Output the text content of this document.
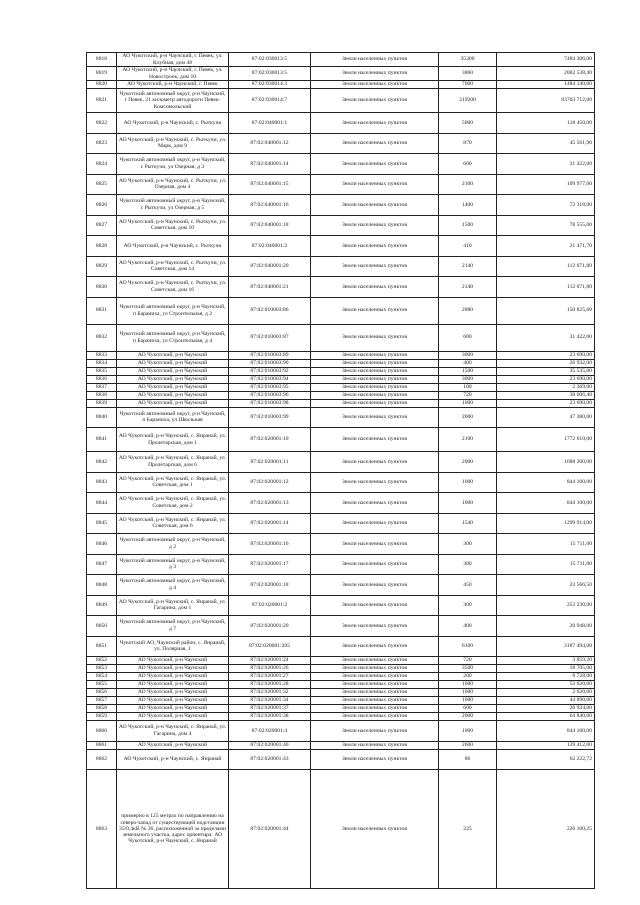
8818	АО Чукотский, р-н Чаунский, г. Певек, ул. Клубная, дом 48	87:02:030013:5	Земли населенных пунктов	35300	7484 306,00
8819	АО Чукотский, р-н Чаунский, г. Певек, ул. Новостроек, дом 10	87:02:030013:5	Земли населенных пунктов	3860	2002 538,40
8820	АО Чукотский, р-н Чаунский, г. Певек	87:02:030014:3	Земли населенных пунктов	7000	1484 140,00
8821	Чукотский автономный округ, р-н Чаунский, г Певек, 21 километр автодороги Певек-Комсомольский	87:02:030014:7	Земли населенных пунктов	219200	83703 712,00
8822	АО Чукотский, р-н Чаунский, с. Рыткучи	87:02:040001:1	Земли населенных пунктов	5000	118 450,00
8823	АО Чукотский, р-н Чаунский, с. Рыткучи, ул. Марк, дом 9	87:02:040001:12	Земли населенных пунктов	870	45 561,90
8824	Чукотский автономный округ, р-н Чаунский, с Рыткучи, ул Озерная, д 3	87:02:040001:14	Земли населенных пунктов	600	31 422,00
8825	АО Чукотский, р-н Чаунский, с. Рыткучи, ул. Озерная, дом 4	87:02:040001:15	Земли населенных пунктов	2100	109 977,00
8826	Чукотский автономный округ, р-н Чаунский, с Рыткучи, ул Озерная, д 5	87:02:040001:16	Земли населенных пунктов	1400	73 318,00
8827	АО Чукотский, р-н Чаунский, с. Рыткучи, ул. Советская, дом 10	87:02:040001:18	Земли населенных пунктов	1500	78 555,00
8828	АО Чукотский, р-н Чаунский, с. Рыткучи	87:02:040001:2	Земли населенных пунктов	410	21 471,70
8829	АО Чукотский, р-н Чаунский, с. Рыткучи, ул. Советская, дом 14	87:02:040001:20	Земли населенных пунктов	2140	112 071,80
8830	АО Чукотский, р-н Чаунский, с. Рыткучи, ул. Советская, дом 16	87:02:040001:21	Земли населенных пунктов	2140	112 071,80
8831	Чукотский автономный округ, р-н Чаунский, п Бараниха, ул Строительная, д 2	87:02:010003:86	Земли населенных пунктов	2880	150 825,60
8832	Чукотский автономный округ, р-н Чаунский, п Бараниха, ул Строительная, д 4	87:02:010003:87	Земли населенных пунктов	600	31 422,00
8833	АО Чукотский, р-н Чаунский	87:02:010003:89	Земли населенных пунктов	3000	23 690,00
8834	АО Чукотский, р-н Чаунский	87:02:010003:90	Земли населенных пунктов	400	26 932,00
8835	АО Чукотский, р-н Чаунский	87:02:010003:92	Земли населенных пунктов	1500	35 535,00
8836	АО Чукотский, р-н Чаунский	87:02:010003:94	Земли населенных пунктов	3000	23 690,00
8837	АО Чукотский, р-н Чаунский	87:02:010003:95	Земли населенных пунктов	100	2 369,00
8838	АО Чукотский, р-н Чаунский	87:02:010003:96	Земли населенных пунктов	720	38 606,40
8839	АО Чукотский, р-н Чаунский	87:02:010003:98	Земли населенных пунктов	1000	23 690,00
8840	Чукотский автономный округ, р-н Чаунский, п Бараниха, ул Школьная	87:02:010003:99	Земли населенных пунктов	2000	47 380,00
8841	АО Чукотский, р-н Чаунский, с. Янранай, ул. Пролетарская, дом 1	87:02:020001:10	Земли населенных пунктов	2100	1772 610,00
8842	АО Чукотский, р-н Чаунский, с. Янранай, ул. Пролетарская, дом 6	87:02:020001:11	Земли населенных пунктов	2000	1688 200,00
8843	АО Чукотский, р-н Чаунский, с. Янранай, ул. Советская, дом 1	87:02:020001:12	Земли населенных пунктов	1000	844 100,00
8844	АО Чукотский, р-н Чаунский, с. Янранай, ул. Советская, дом 2	87:02:020001:13	Земли населенных пунктов	1000	844 100,00
8845	АО Чукотский, р-н Чаунский, с. Янранай, ул. Советская, дом 6	87:02:020001:14	Земли населенных пунктов	1540	1299 914,00
8846	Чукотский автономный округ, р-н Чаунский, д 2	87:02:020001:16	Земли населенных пунктов	300	15 711,00
8847	Чукотский автономный округ, р-н Чаунский, д 3	87:02:020001:17	Земли населенных пунктов	300	15 711,00
8848	Чукотский автономный округ, р-н Чаунский, д 4	87:02:020001:18	Земли населенных пунктов	450	23 566,50
8849	АО Чукотский, р-н Чаунский, с. Янранай, ул. Гагарина, дом 1	87:02:020001:2	Земли населенных пунктов	300	253 230,00
8850	Чукотский автономный округ, р-н Чаунский, д 7	87:02:020001:20	Земли населенных пунктов	400	20 948,00
8851	Чукотский АО, Чаунский район, с. Янранай, ул. Полярная, 1	87:02:020001:205	Земли населенных пунктов	6100	3187 494,00
8852	АО Чукотский, р-н Чаунский	87:02:020001:24	Земли населенных пунктов	720	3 859,20
8853	АО Чукотский, р-н Чаунский	87:02:020001:26	Земли населенных пунктов	3500	18 705,00
8854	АО Чукотский, р-н Чаунский	87:02:020001:27	Земли населенных пунктов	200	8 728,00
8855	АО Чукотский, р-н Чаунский	87:02:020001:28	Земли населенных пунктов	1000	53 620,00
8856	АО Чукотский, р-н Чаунский	87:02:020001:32	Земли населенных пунктов	1000	2 620,00
8857	АО Чукотский, р-н Чаунский	87:02:020001:34	Земли населенных пунктов	1000	44 890,00
8858	АО Чукотский, р-н Чаунский	87:02:020001:37	Земли населенных пунктов	600	26 934,00
8859	АО Чукотский, р-н Чаунский	87:02:020001:38	Земли населенных пунктов	2000	64 840,00
8860	АО Чукотский, р-н Чаунский, с. Янранай, ул. Гагарина, дом 4	87:02:020001:4	Земли населенных пунктов	1000	844 100,00
8861	АО Чукотский, р-н Чаунский	87:02:020001:40	Земли населенных пунктов	2600	139 412,00
8862	АО Чукотский, р-н Чаунский, с. Янранай	87:02:020001:43	Земли населенных пунктов	86	62 222,72
8863	примерно в 125 метрах по направлению на северо-запад от существующей подстанции 35/0,4кВ № 36, расположенной за пределами земельного участка, адрес ориентира: АО Чукотский, р-н Чаунский, с. Янранай	87:02:020001:44	Земли населенных пунктов	225	226 100,25
